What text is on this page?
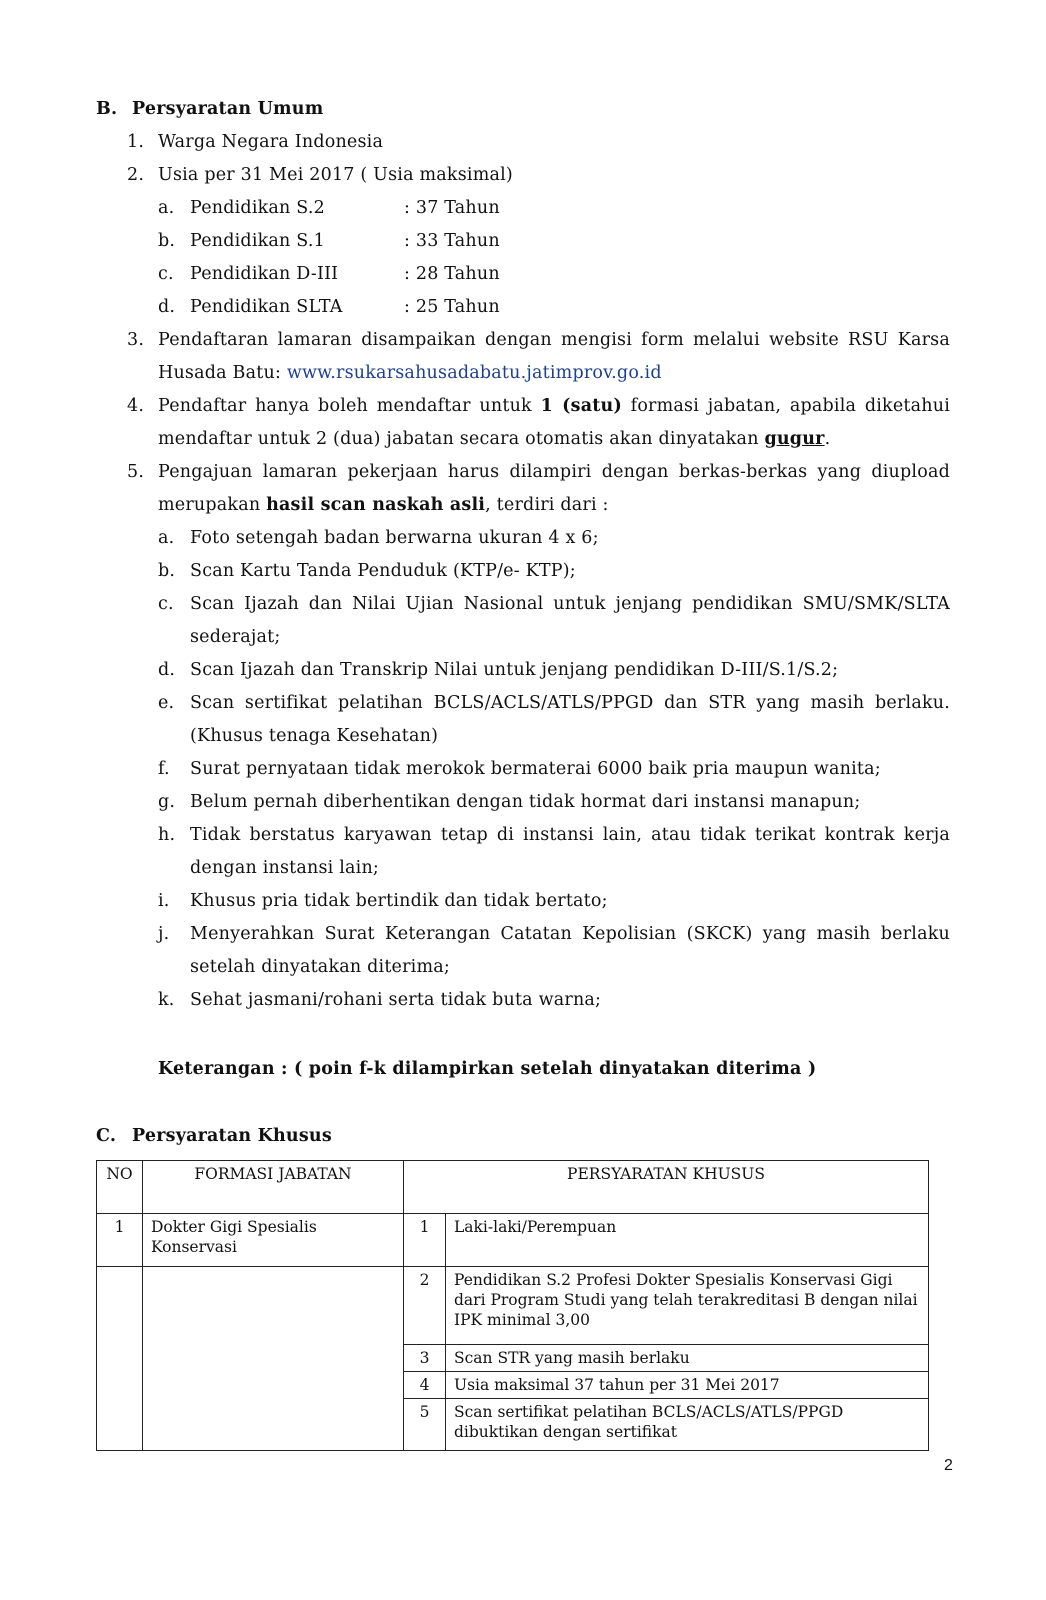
B. Persyaratan Umum
1. Warga Negara Indonesia
2. Usia per 31 Mei 2017 ( Usia maksimal)
a. Pendidikan S.2	: 37 Tahun
b. Pendidikan S.1	: 33 Tahun
c. Pendidikan D-III	: 28 Tahun
d. Pendidikan SLTA	: 25 Tahun
3. Pendaftaran lamaran disampaikan dengan mengisi form melalui website RSU Karsa
Husada Batu: www.rsukarsahusadabatu.jatimprov.go.id
4. Pendaftar hanya boleh mendaftar untuk 1 (satu) formasi jabatan, apabila diketahui
mendaftar untuk 2 (dua) jabatan secara otomatis akan dinyatakan gugur.
5. Pengajuan lamaran pekerjaan harus dilampiri dengan berkas-berkas yang diupload
merupakan hasil scan naskah asli, terdiri dari :
a. Foto setengah badan berwarna ukuran 4 x 6;
b. Scan Kartu Tanda Penduduk (KTP/e- KTP);
c. Scan Ijazah dan Nilai Ujian Nasional untuk jenjang pendidikan SMU/SMK/SLTA
sederajat;
d. Scan Ijazah dan Transkrip Nilai untuk jenjang pendidikan D-III/S.1/S.2;
e. Scan sertifikat pelatihan BCLS/ACLS/ATLS/PPGD dan STR yang masih berlaku.
(Khusus tenaga Kesehatan)
f. Surat pernyataan tidak merokok bermaterai 6000 baik pria maupun wanita;
g. Belum pernah diberhentikan dengan tidak hormat dari instansi manapun;
h. Tidak berstatus karyawan tetap di instansi lain, atau tidak terikat kontrak kerja
dengan instansi lain;
i. Khusus pria tidak bertindik dan tidak bertato;
j. Menyerahkan Surat Keterangan Catatan Kepolisian (SKCK) yang masih berlaku
setelah dinyatakan diterima;
k. Sehat jasmani/rohani serta tidak buta warna;
Keterangan : ( poin f-k dilampirkan setelah dinyatakan diterima )
C. Persyaratan Khusus
NO	FORMASI JABATAN	PERSYARATAN KHUSUS	
1	Dokter Gigi Spesialis Konservasi	1	Laki-laki/Perempuan
		2	Pendidikan S.2 Profesi Dokter Spesialis Konservasi Gigi dari Program Studi yang telah terakreditasi B dengan nilai IPK minimal 3,00
		3	Scan STR yang masih berlaku
		4	Usia maksimal 37 tahun per 31 Mei 2017
		5	Scan sertifikat pelatihan BCLS/ACLS/ATLS/PPGD dibuktikan dengan sertifikat
2
